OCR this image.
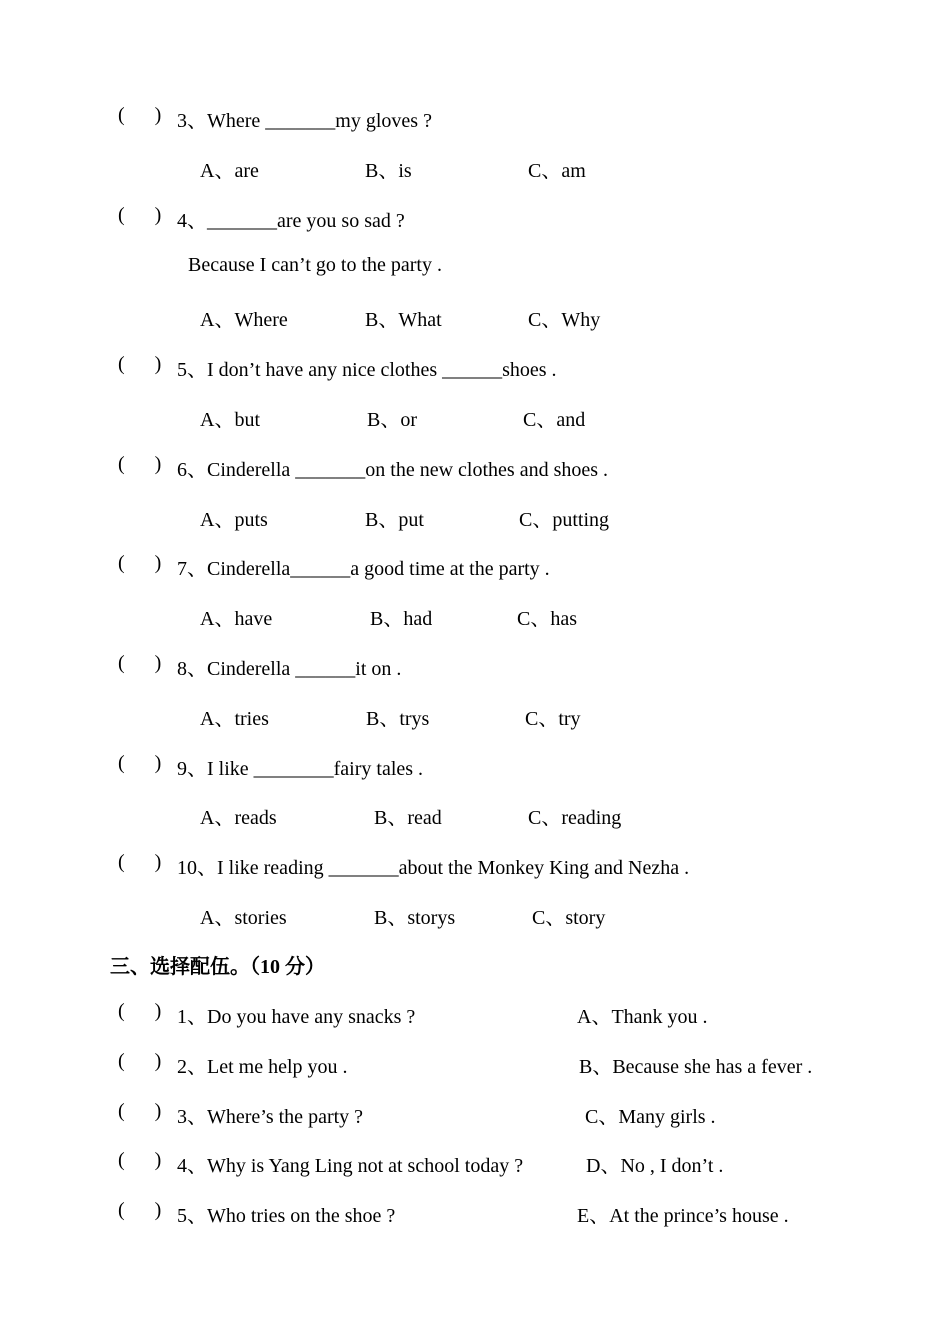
(      ) 3、Where _______my gloves ?
A、are	B、is	C、am
(      ) 4、_______are you so sad ?
Because I can’t go to the party .
A、Where	B、What	C、Why
(      ) 5、I don’t have any nice clothes ______shoes .
A、but	B、or	C、and
(      ) 6、Cinderella _______on the new clothes and shoes .
A、puts	B、put	C、putting
(      ) 7、Cinderella______a good time at the party .
A、have	B、had	C、has
(      ) 8、Cinderella ______it on .
A、tries	B、trys	C、try
(      ) 9、I like ________fairy tales .
A、reads	B、read	C、reading
(      ) 10、I like reading _______about the Monkey King and Nezha .
A、stories	B、storys	C、story
三、选择配伍。（10 分）
(      ) 1、Do you have any snacks ?	A、Thank you .
(      ) 2、Let me help you .	B、Because she has a fever .
(      ) 3、Where’s the party ?	C、Many girls .
(      ) 4、Why is Yang Ling not at school today ?	D、No , I don’t .
(      ) 5、Who tries on the shoe ?	E、At the prince’s house .
